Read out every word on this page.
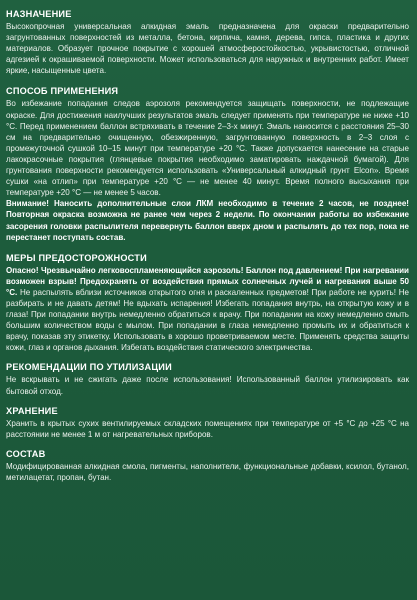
НАЗНАЧЕНИЕ

Высокопрочная универсальная алкидная эмаль предназначена для окраски предварительно загрунтованных поверхностей из металла, бетона, кирпича, камня, дерева, гипса, пластика и других материалов. Образует прочное покрытие с хорошей атмосферостойкостью, укрывистостью, отличной адгезией к окрашиваемой поверхности. Может использоваться для наружных и внутренних работ. Имеет яркие, насыщенные цвета.

СПОСОБ ПРИМЕНЕНИЯ

Во избежание попадания следов аэрозоля рекомендуется защищать поверхности, не подлежащие окраске. Для достижения наилучших результатов эмаль следует применять при температуре не ниже +10 °С. Перед применением баллон встряхивать в течение 2–3-х минут. Эмаль наносится с расстояния 25–30 см на предварительно очищенную, обезжиренную, загрунтованную поверхность в 2–3 слоя с промежуточной сушкой 10–15 минут при температуре +20 °С. Также допускается нанесение на старые лакокрасочные покрытия (глянцевые покрытия необходимо заматировать наждачной бумагой). Для грунтования поверхности рекомендуется использовать «Универсальный алкидный грунт Elcon». Время сушки «на отлип» при температуре +20 °С — не менее 40 минут. Время полного высыхания при температуре +20 °С — не менее 5 часов.

Внимание! Наносить дополнительные слои ЛКМ необходимо в течение 2 часов, не позднее! Повторная окраска возможна не ранее чем через 2 недели. По окончании работы во избежание засорения головки распылителя перевернуть баллон вверх дном и распылять до тех пор, пока не перестанет поступать состав.

МЕРЫ ПРЕДОСТОРОЖНОСТИ

Опасно! Чрезвычайно легковоспламеняющийся аэрозоль! Баллон под давлением! При нагревании возможен взрыв! Предохранять от воздействия прямых солнечных лучей и нагревания выше 50 °С. Не распылять вблизи источников открытого огня и раскаленных предметов! При работе не курить! Не разбирать и не давать детям! Не вдыхать испарения! Избегать попадания внутрь, на открытую кожу и в глаза! При попадании внутрь немедленно обратиться к врачу. При попадании на кожу немедленно смыть большим количеством воды с мылом. При попадании в глаза немедленно промыть их и обратиться к врачу, показав эту этикетку. Использовать в хорошо проветриваемом месте. Применять средства защиты кожи, глаз и органов дыхания. Избегать воздействия статического электричества.

РЕКОМЕНДАЦИИ ПО УТИЛИЗАЦИИ

Не вскрывать и не сжигать даже после использования! Использованный баллон утилизировать как бытовой отход.

ХРАНЕНИЕ

Хранить в крытых сухих вентилируемых складских помещениях при температуре от +5 °С до +25 °С на расстоянии не менее 1 м от нагревательных приборов.

СОСТАВ

Модифицированная алкидная смола, пигменты, наполнители, функциональные добавки, ксилол, бутанол, метилацетат, пропан, бутан.
